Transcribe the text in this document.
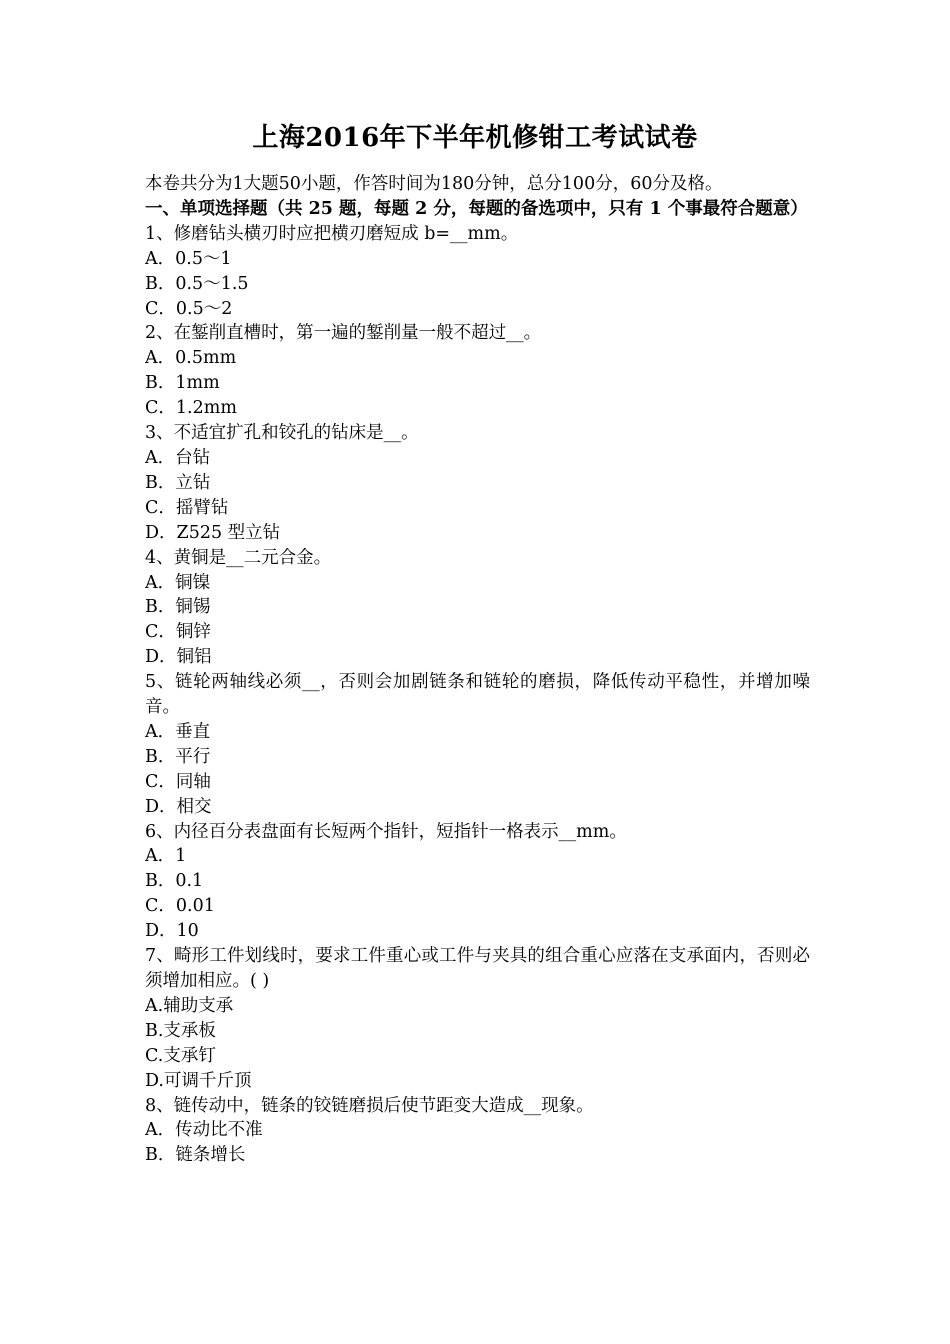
上海2016年下半年机修钳工考试试卷
本卷共分为1大题50小题，作答时间为180分钟，总分100分，60分及格。
一、单项选择题（共 25 题，每题 2 分，每题的备选项中，只有 1 个事最符合题意）
1、修磨钻头横刃时应把横刃磨短成 b=__mm。
A．0.5～1
B．0.5～1.5
C．0.5～2
2、在錾削直槽时，第一遍的錾削量一般不超过__。
A．0.5mm
B．1mm
C．1.2mm
3、不适宜扩孔和铰孔的钻床是__。
A．台钻
B．立钻
C．摇臂钻
D．Z525 型立钻
4、黄铜是__二元合金。
A．铜镍
B．铜锡
C．铜锌
D．铜铝
5、链轮两轴线必须__，否则会加剧链条和链轮的磨损，降低传动平稳性，并增加噪音。
A．垂直
B．平行
C．同轴
D．相交
6、内径百分表盘面有长短两个指针，短指针一格表示__mm。
A．1
B．0.1
C．0.01
D．10
7、畸形工件划线时，要求工件重心或工件与夹具的组合重心应落在支承面内，否则必须增加相应。( )
A.辅助支承
B.支承板
C.支承钉
D.可调千斤顶
8、链传动中，链条的铰链磨损后使节距变大造成__现象。
A．传动比不准
B．链条增长
